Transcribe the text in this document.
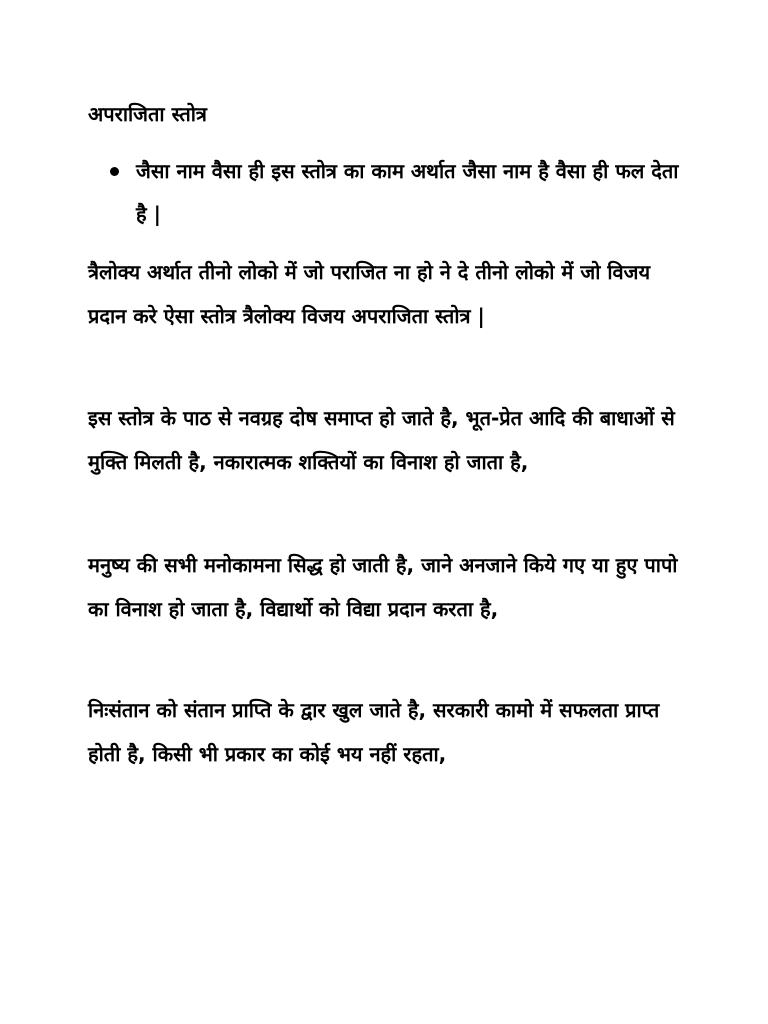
अपराजिता स्तोत्र
जैसा नाम वैसा ही इस स्तोत्र का काम अर्थात जैसा नाम है वैसा ही फल देता है |

त्रैलोक्य अर्थात तीनो लोको में जो पराजित ना हो ने दे तीनो लोको में जो विजय प्रदान करे ऐसा स्तोत्र त्रैलोक्य विजय अपराजिता स्तोत्र |

इस स्तोत्र के पाठ से नवग्रह दोष समाप्त हो जाते है, भूत-प्रेत आदि की बाधाओं से मुक्ति मिलती है, नकारात्मक शक्तियों का विनाश हो जाता है,

मनुष्य की सभी मनोकामना सिद्ध हो जाती है, जाने अनजाने किये गए या हुए पापो का विनाश हो जाता है, विद्यार्थो को विद्या प्रदान करता है,

निःसंतान को संतान प्राप्ति के द्वार खुल जाते है, सरकारी कामो में सफलता प्राप्त होती है, किसी भी प्रकार का कोई भय नहीं रहता,
